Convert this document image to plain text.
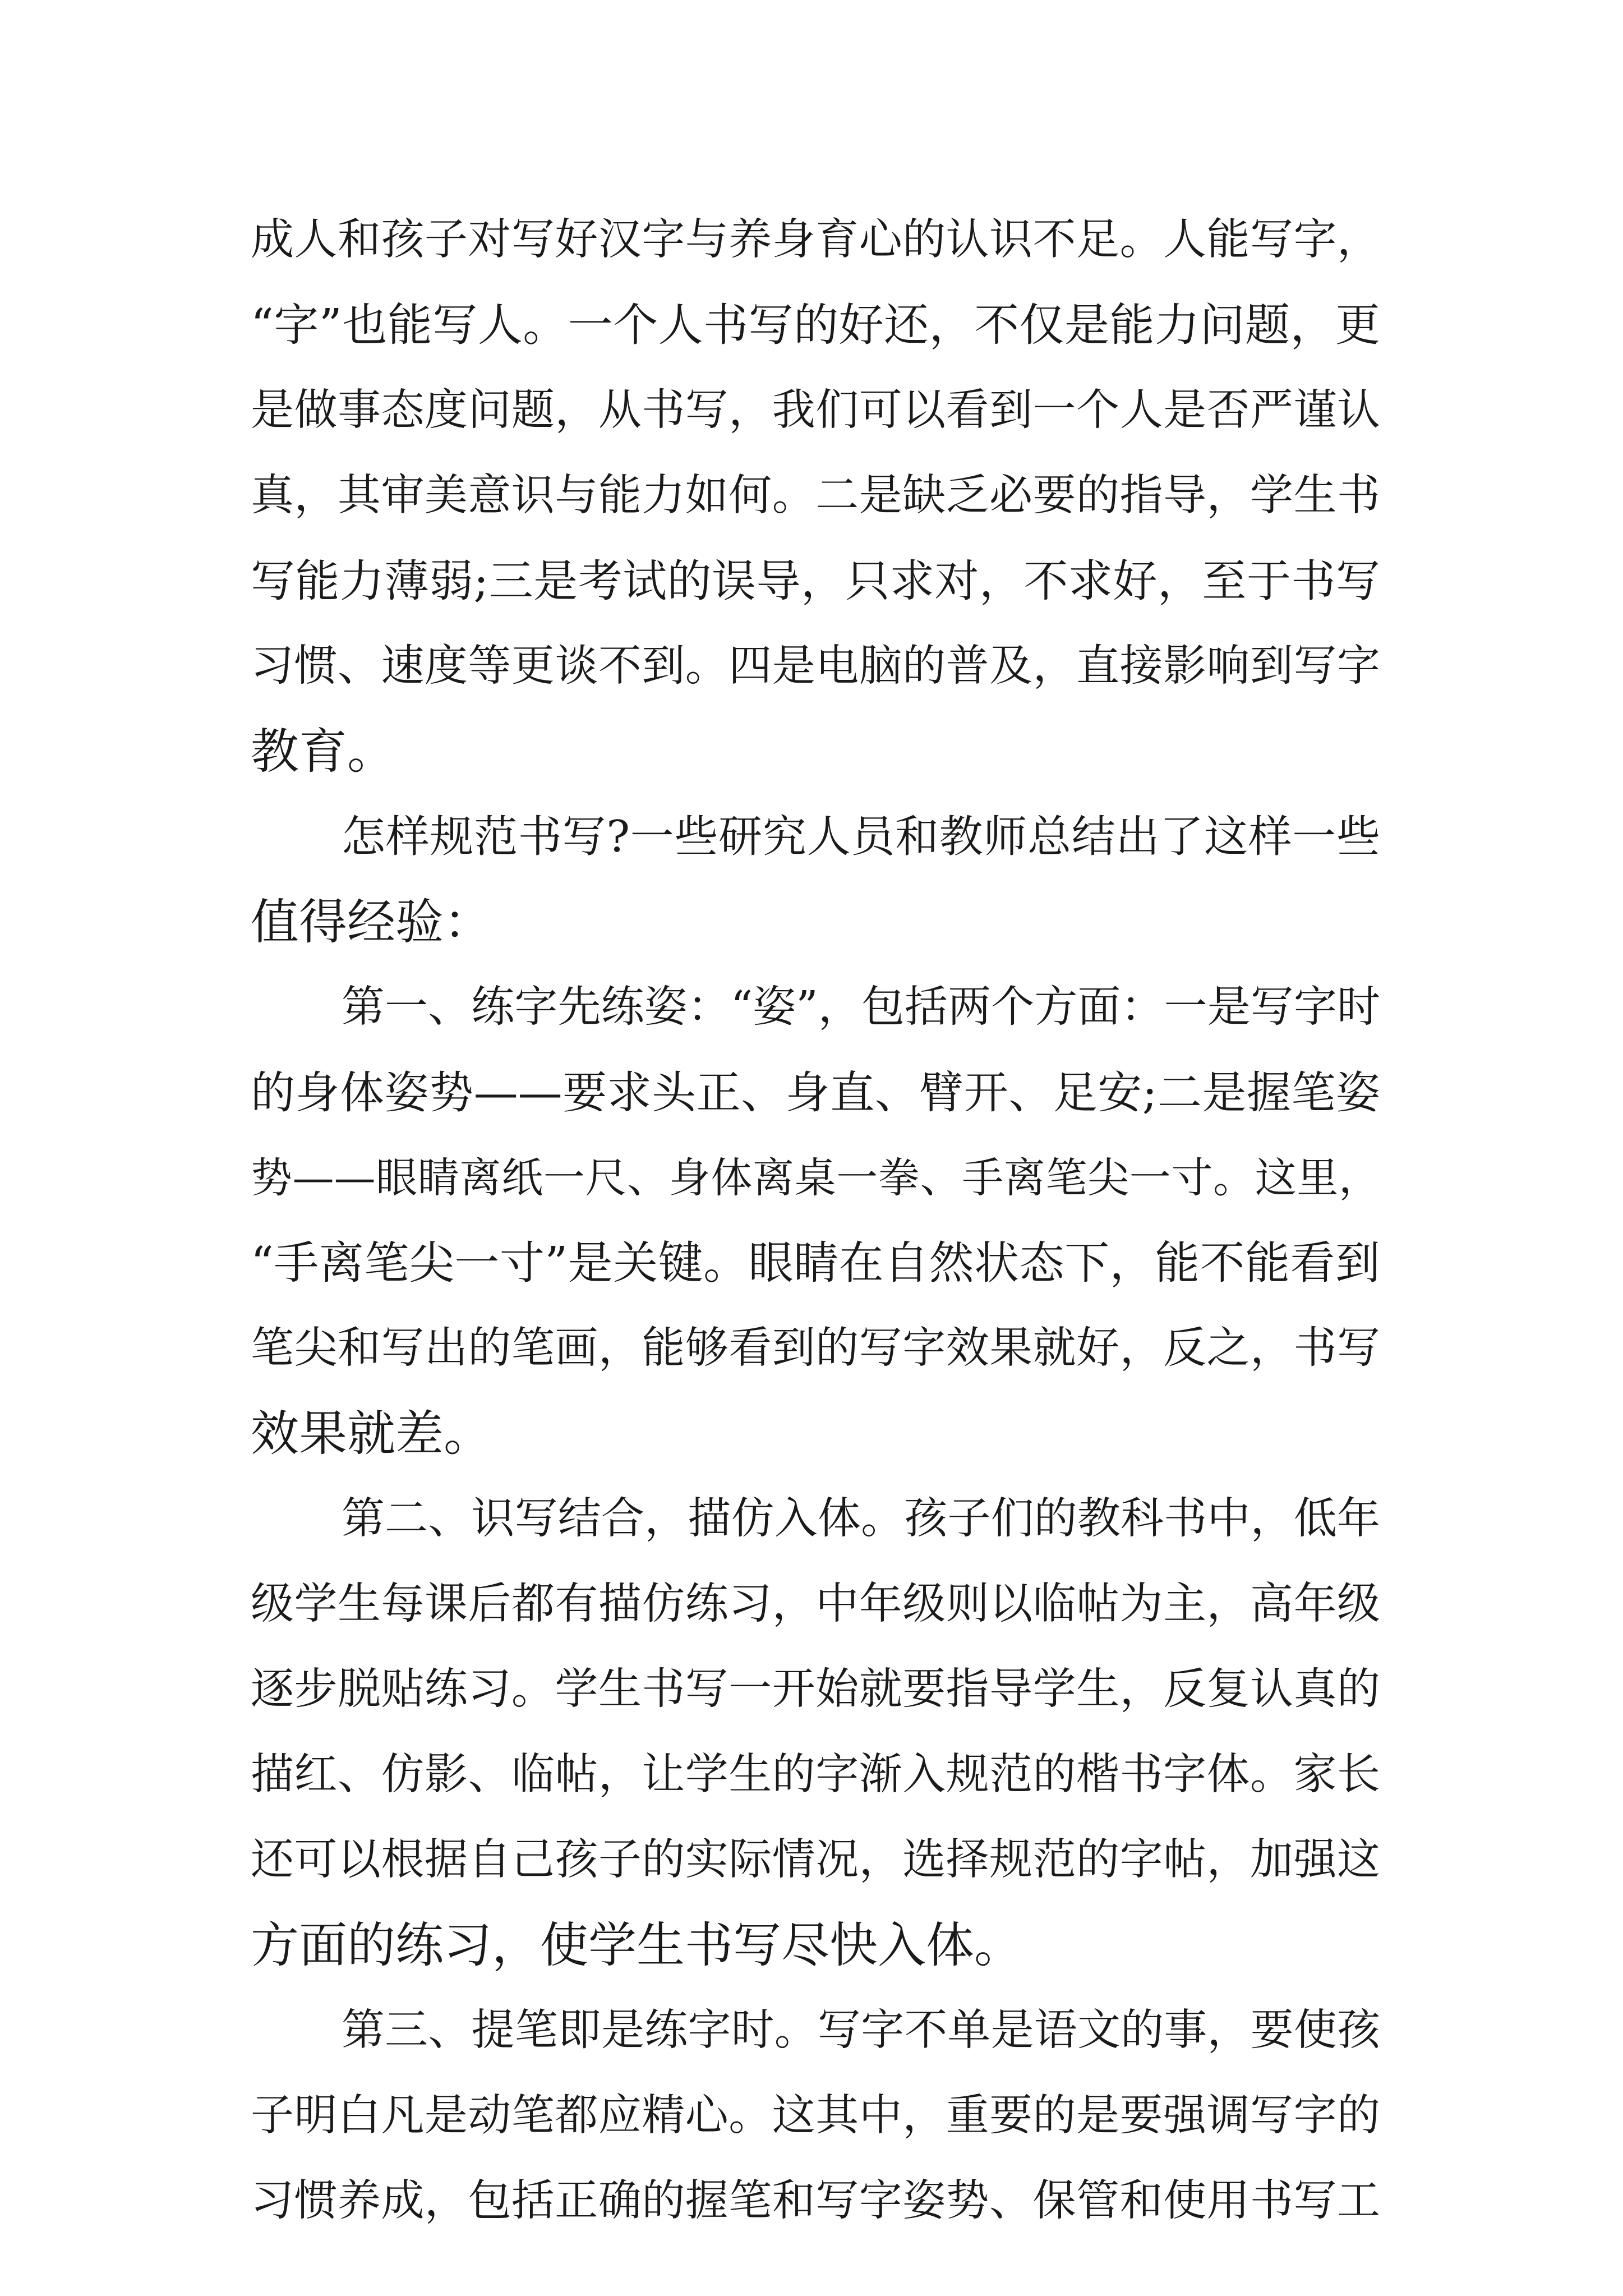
成人和孩子对写好汉字与养身育心的认识不足。人能写字，
“字”也能写人。一个人书写的好还，不仅是能力问题，更
是做事态度问题，从书写，我们可以看到一个人是否严谨认
真，其审美意识与能力如何。二是缺乏必要的指导，学生书
写能力薄弱;三是考试的误导，只求对，不求好，至于书写
习惯、速度等更谈不到。四是电脑的普及，直接影响到写字
教育。
怎样规范书写?一些研究人员和教师总结出了这样一些
值得经验：
第一、练字先练姿：“姿”，包括两个方面：一是写字时
的身体姿势——要求头正、身直、臂开、足安;二是握笔姿
势——眼睛离纸一尺、身体离桌一拳、手离笔尖一寸。这里，
“手离笔尖一寸”是关键。眼睛在自然状态下，能不能看到
笔尖和写出的笔画，能够看到的写字效果就好，反之，书写
效果就差。
第二、识写结合，描仿入体。孩子们的教科书中，低年
级学生每课后都有描仿练习，中年级则以临帖为主，高年级
逐步脱贴练习。学生书写一开始就要指导学生，反复认真的
描红、仿影、临帖，让学生的字渐入规范的楷书字体。家长
还可以根据自己孩子的实际情况，选择规范的字帖，加强这
方面的练习，使学生书写尽快入体。
第三、提笔即是练字时。写字不单是语文的事，要使孩
子明白凡是动笔都应精心。这其中，重要的是要强调写字的
习惯养成，包括正确的握笔和写字姿势、保管和使用书写工
